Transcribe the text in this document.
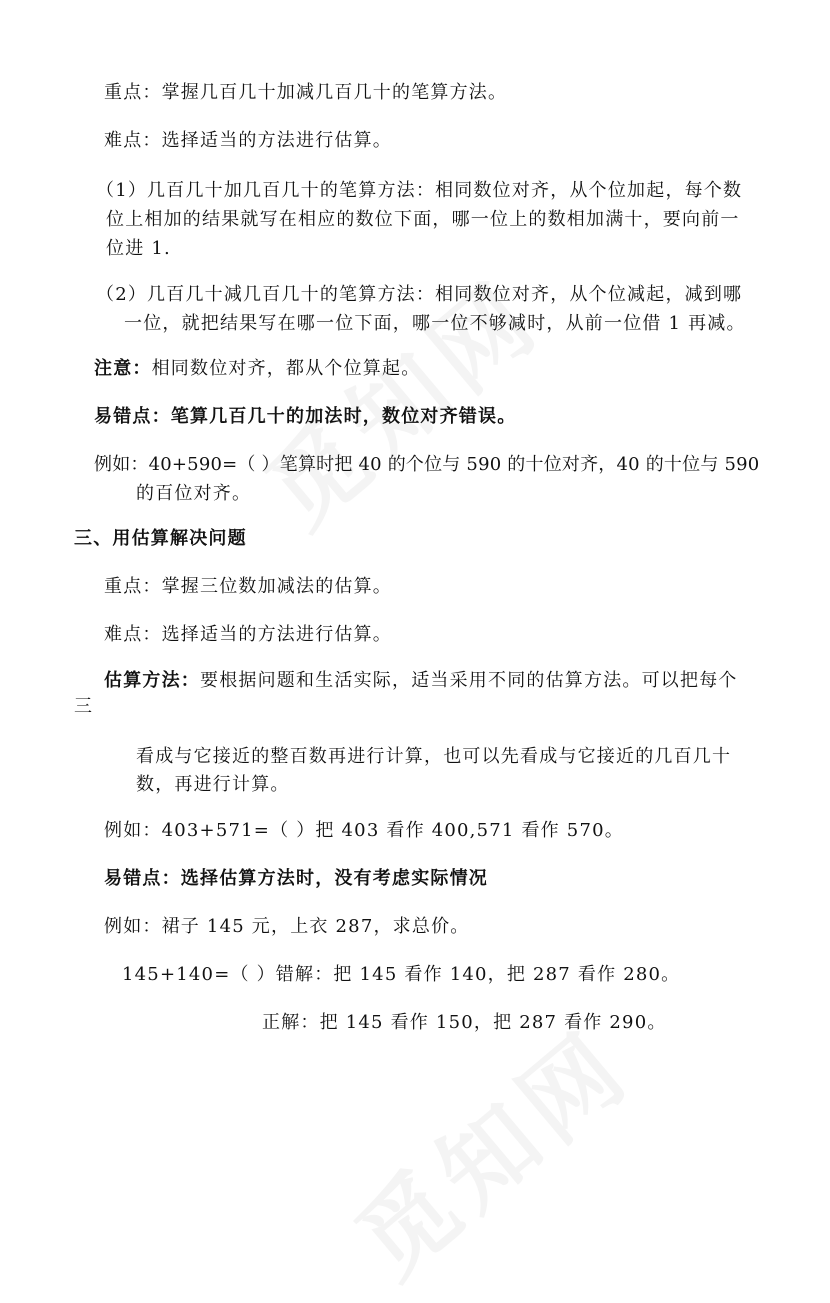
重点：掌握几百几十加减几百几十的笔算方法。
难点：选择适当的方法进行估算。
（1）几百几十加几百几十的笔算方法：相同数位对齐，从个位加起，每个数
位上相加的结果就写在相应的数位下面，哪一位上的数相加满十，要向前一
位进 1.
（2）几百几十减几百几十的笔算方法：相同数位对齐，从个位减起，减到哪
一位，就把结果写在哪一位下面，哪一位不够减时，从前一位借 1 再减。
注意：相同数位对齐，都从个位算起。
易错点：笔算几百几十的加法时，数位对齐错误。
例如：40+590=（ ）笔算时把 40 的个位与 590 的十位对齐，40 的十位与 590
的百位对齐。
三、用估算解决问题
重点：掌握三位数加减法的估算。
难点：选择适当的方法进行估算。
估算方法：要根据问题和生活实际，适当采用不同的估算方法。可以把每个
三
看成与它接近的整百数再进行计算，也可以先看成与它接近的几百几十
数，再进行计算。
例如：403+571=（ ）把 403 看作 400,571 看作 570。
易错点：选择估算方法时，没有考虑实际情况
例如：裙子 145 元，上衣 287，求总价。
145+140=（ ）错解：把 145 看作 140，把 287 看作 280。
正解：把 145 看作 150，把 287 看作 290。
